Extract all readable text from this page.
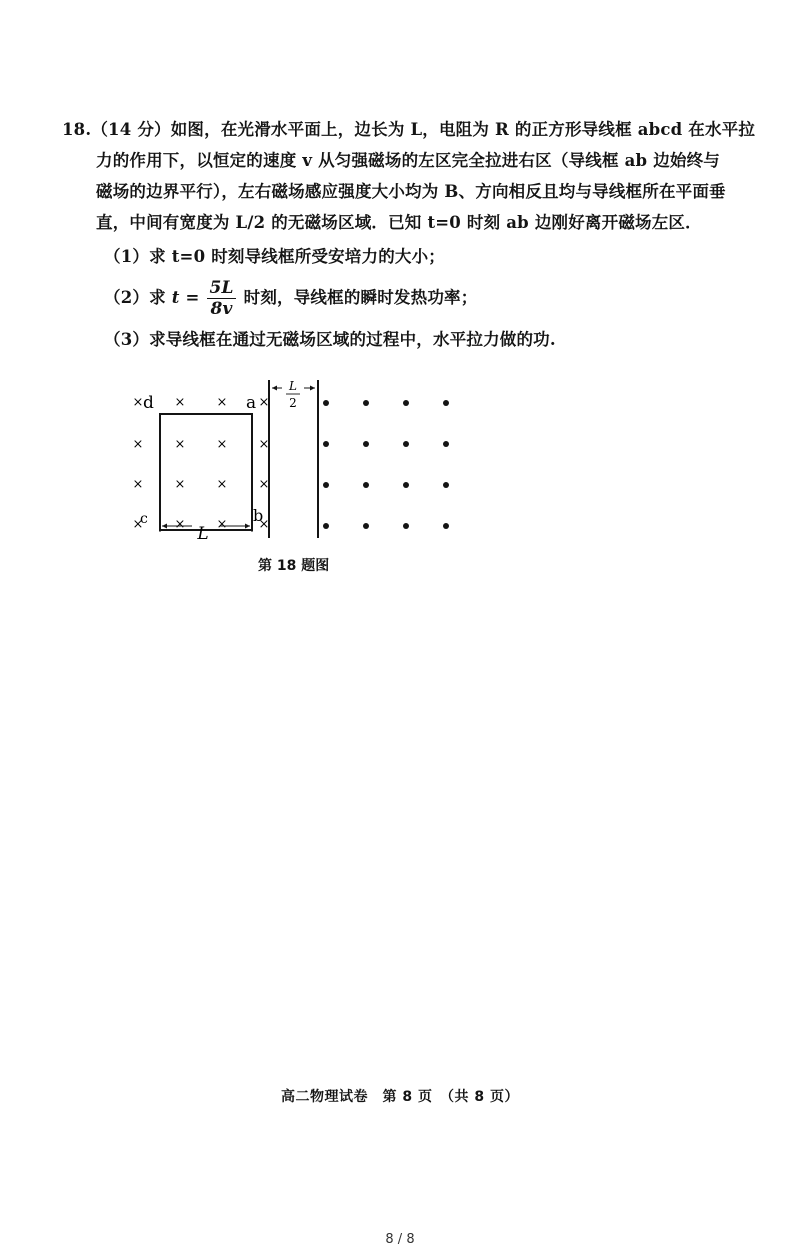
18.（14 分）如图，在光滑水平面上，边长为 L，电阻为 R 的正方形导线框 abcd 在水平拉
力的作用下，以恒定的速度 v 从匀强磁场的左区完全拉进右区（导线框 ab 边始终与
磁场的边界平行），左右磁场感应强度大小均为 B、方向相反且均与导线框所在平面垂
直，中间有宽度为 L/2 的无磁场区域．已知 t=0 时刻 ab 边刚好离开磁场左区．
（1）求 t=0 时刻导线框所受安培力的大小；
（2）求 $t = \frac{5L}{8v}$ 时刻，导线框的瞬时发热功率；
（3）求导线框在通过无磁场区域的过程中，水平拉力做的功.
× × × ×
× × × ×
× × × ×
× × × ×
L
2
L
d	a
c	b
第 18 题图
高二物理试卷　第 8 页　（共 8 页）
8 / 8
